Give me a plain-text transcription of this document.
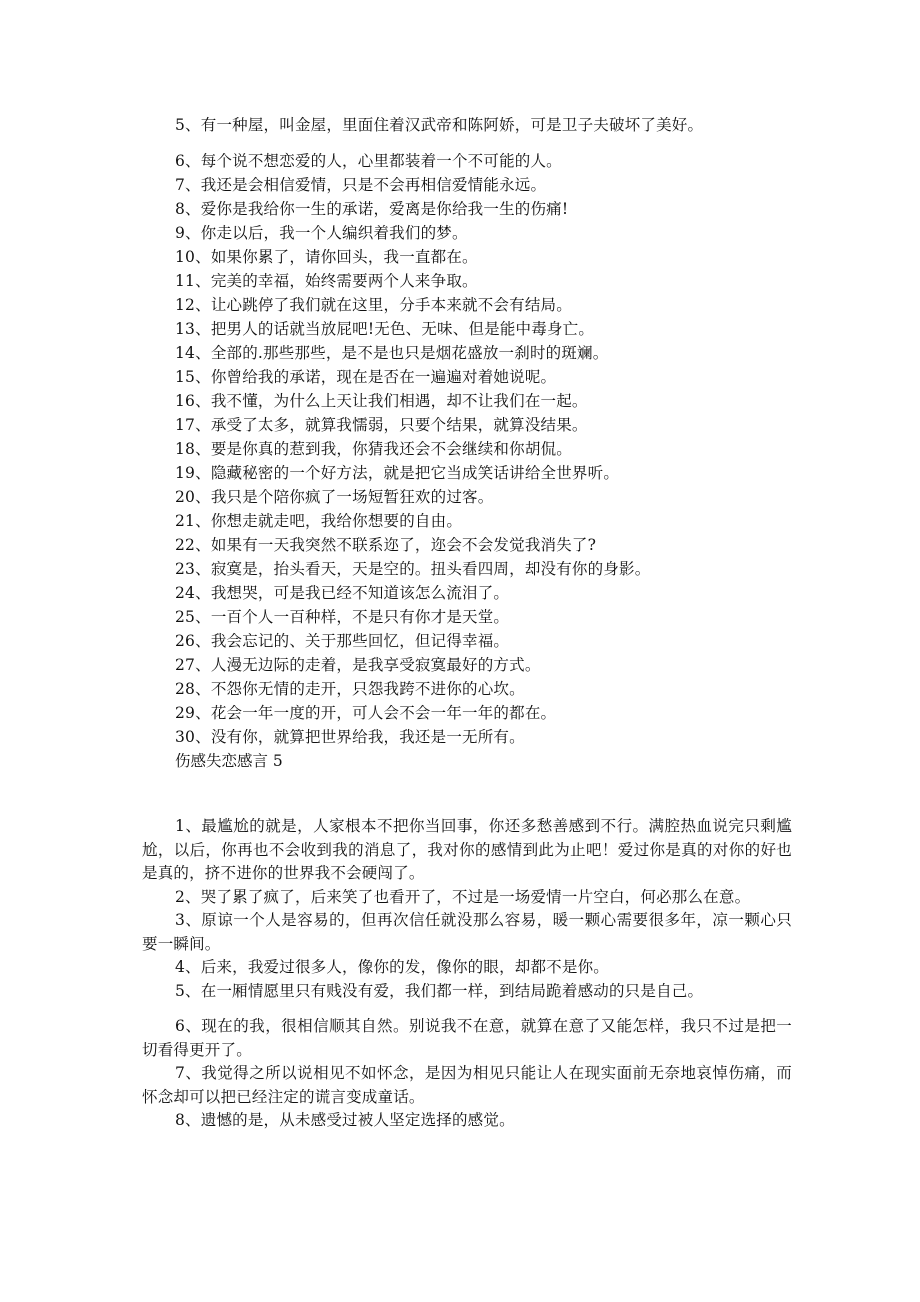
5、有一种屋，叫金屋，里面住着汉武帝和陈阿娇，可是卫子夫破坏了美好。
6、每个说不想恋爱的人，心里都装着一个不可能的人。
7、我还是会相信爱情，只是不会再相信爱情能永远。
8、爱你是我给你一生的承诺，爱离是你给我一生的伤痛!
9、你走以后，我一个人编织着我们的梦。
10、如果你累了，请你回头，我一直都在。
11、完美的幸福，始终需要两个人来争取。
12、让心跳停了我们就在这里，分手本来就不会有结局。
13、把男人的话就当放屁吧!无色、无味、但是能中毒身亡。
14、全部的.那些那些，是不是也只是烟花盛放一刹时的斑斓。
15、你曾给我的承诺，现在是否在一遍遍对着她说呢。
16、我不懂，为什么上天让我们相遇，却不让我们在一起。
17、承受了太多，就算我懦弱，只要个结果，就算没结果。
18、要是你真的惹到我，你猜我还会不会继续和你胡侃。
19、隐藏秘密的一个好方法，就是把它当成笑话讲给全世界听。
20、我只是个陪你疯了一场短暂狂欢的过客。
21、你想走就走吧，我给你想要的自由。
22、如果有一天我突然不联系迩了，迩会不会发觉我消失了?
23、寂寞是，抬头看天，天是空的。扭头看四周，却没有你的身影。
24、我想哭，可是我已经不知道该怎么流泪了。
25、一百个人一百种样，不是只有你才是天堂。
26、我会忘记的、关于那些回忆，但记得幸福。
27、人漫无边际的走着，是我享受寂寞最好的方式。
28、不怨你无情的走开，只怨我跨不进你的心坎。
29、花会一年一度的开，可人会不会一年一年的都在。
30、没有你，就算把世界给我，我还是一无所有。
伤感失恋感言 5

1、最尴尬的就是，人家根本不把你当回事，你还多愁善感到不行。满腔热血说完只剩尴尬，以后，你再也不会收到我的消息了，我对你的感情到此为止吧！爱过你是真的对你的好也是真的，挤不进你的世界我不会硬闯了。

2、哭了累了疯了，后来笑了也看开了，不过是一场爱情一片空白，何必那么在意。

3、原谅一个人是容易的，但再次信任就没那么容易，暖一颗心需要很多年，凉一颗心只要一瞬间。

4、后来，我爱过很多人，像你的发，像你的眼，却都不是你。

5、在一厢情愿里只有贱没有爱，我们都一样，到结局跪着感动的只是自己。

6、现在的我，很相信顺其自然。别说我不在意，就算在意了又能怎样，我只不过是把一切看得更开了。

7、我觉得之所以说相见不如怀念，是因为相见只能让人在现实面前无奈地哀悼伤痛，而怀念却可以把已经注定的谎言变成童话。

8、遗憾的是，从未感受过被人坚定选择的感觉。
